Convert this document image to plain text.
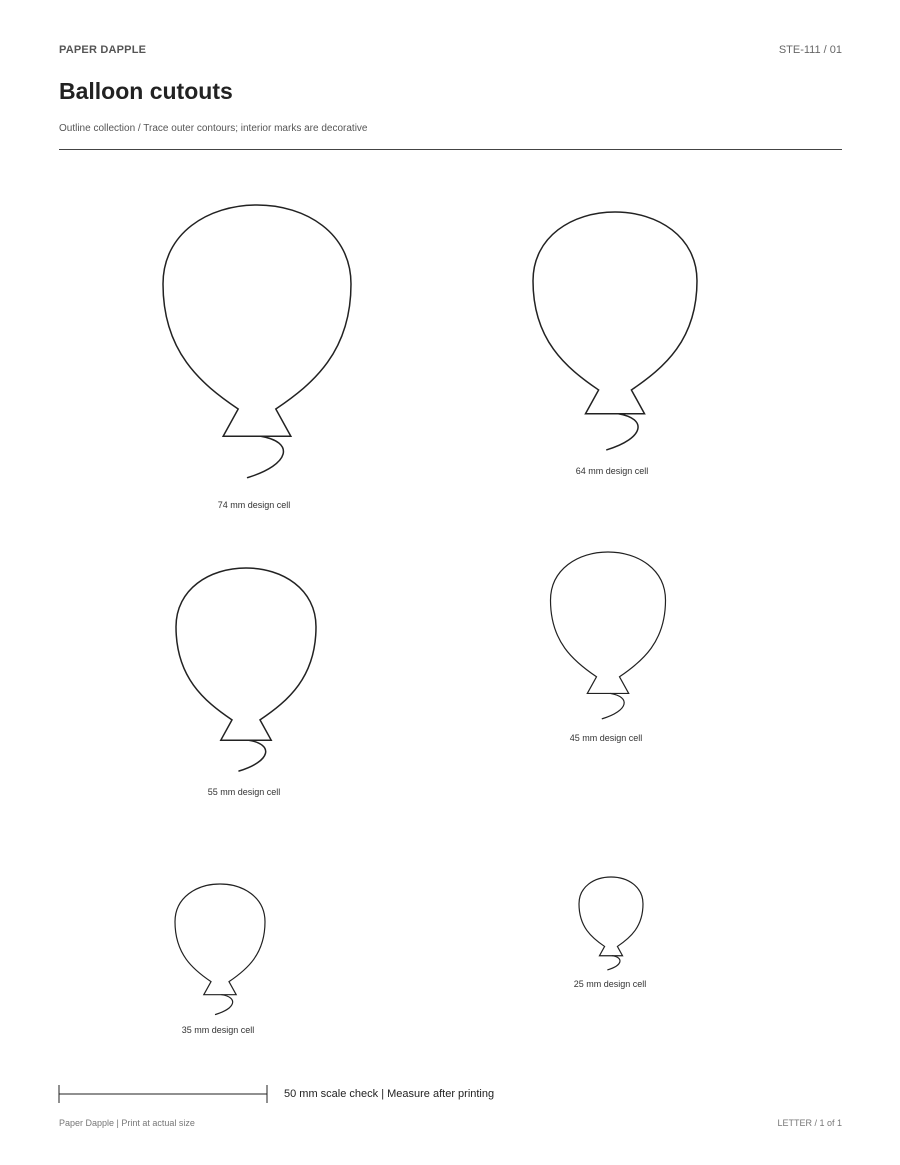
PAPER DAPPLE	STE-111 / 01
Balloon cutouts
Outline collection / Trace outer contours; interior marks are decorative
74 mm design cell
64 mm design cell
55 mm design cell
45 mm design cell
35 mm design cell
25 mm design cell
50 mm scale check | Measure after printing
Paper Dapple | Print at actual size	LETTER / 1 of 1
